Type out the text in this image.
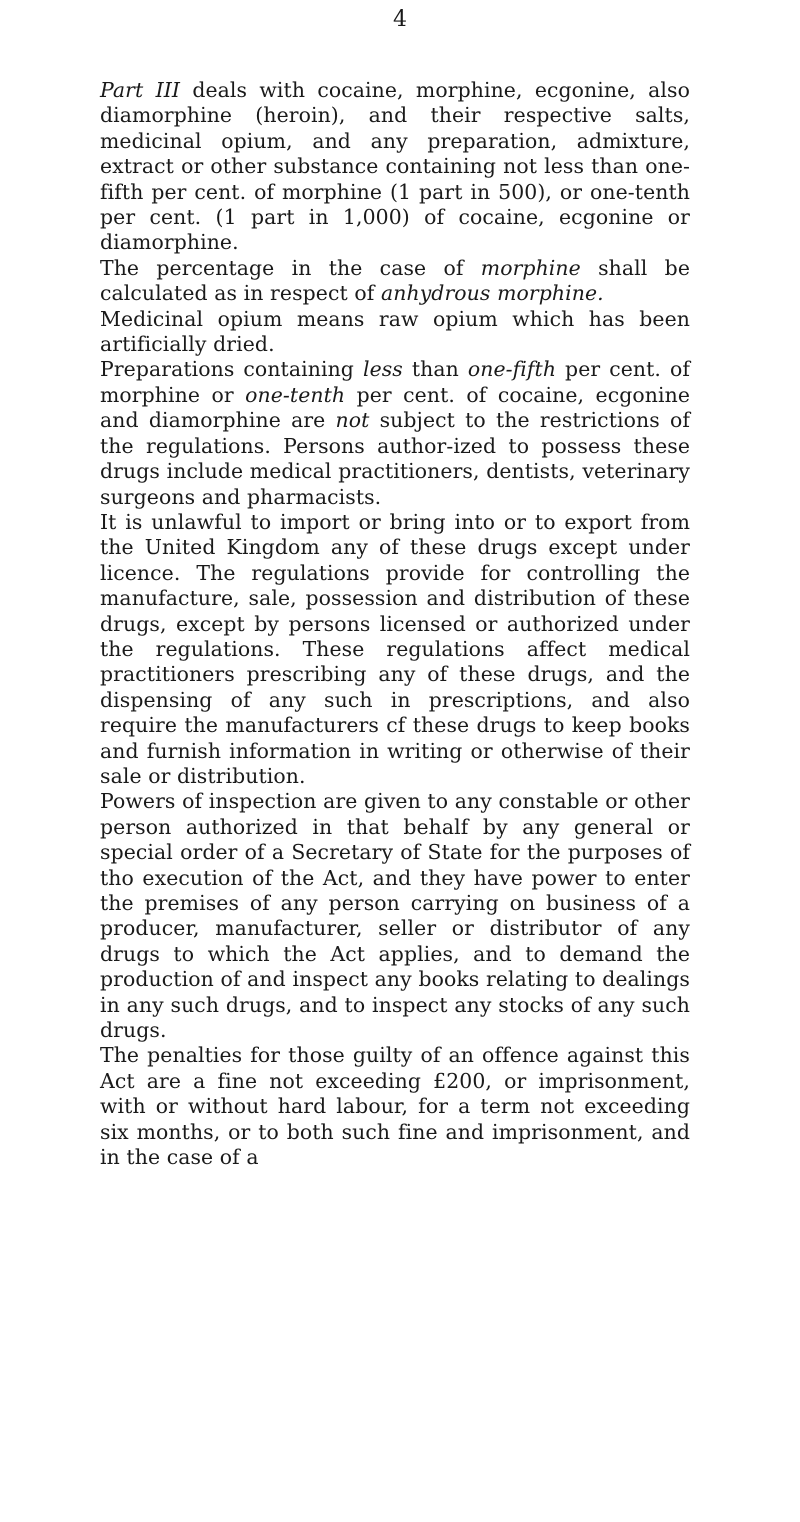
4

Part III deals with cocaine, morphine, ecgonine, also diamorphine (heroin), and their respective salts, medicinal opium, and any preparation, admixture, extract or other substance containing not less than one-fifth per cent. of morphine (1 part in 500), or one-tenth per cent. (1 part in 1,000) of cocaine, ecgonine or diamorphine.

The percentage in the case of morphine shall be calculated as in respect of anhydrous morphine.

Medicinal opium means raw opium which has been artificially dried.

Preparations containing less than one-fifth per cent. of morphine or one-tenth per cent. of cocaine, ecgonine and diamorphine are not subject to the restrictions of the regulations. Persons author-ized to possess these drugs include medical practitioners, dentists, veterinary surgeons and pharmacists.

It is unlawful to import or bring into or to export from the United Kingdom any of these drugs except under licence. The regulations provide for controlling the manufacture, sale, possession and distribution of these drugs, except by persons licensed or authorized under the regulations. These regulations affect medical practitioners prescribing any of these drugs, and the dispensing of any such in prescriptions, and also require the manufacturers cf these drugs to keep books and furnish information in writing or otherwise of their sale or distribution.

Powers of inspection are given to any constable or other person authorized in that behalf by any general or special order of a Secretary of State for the purposes of tho execution of the Act, and they have power to enter the premises of any person carrying on business of a producer, manufacturer, seller or distributor of any drugs to which the Act applies, and to demand the production of and inspect any books relating to dealings in any such drugs, and to inspect any stocks of any such drugs.

The penalties for those guilty of an offence against this Act are a fine not exceeding £200, or imprisonment, with or without hard labour, for a term not exceeding six months, or to both such fine and imprisonment, and in the case of a
